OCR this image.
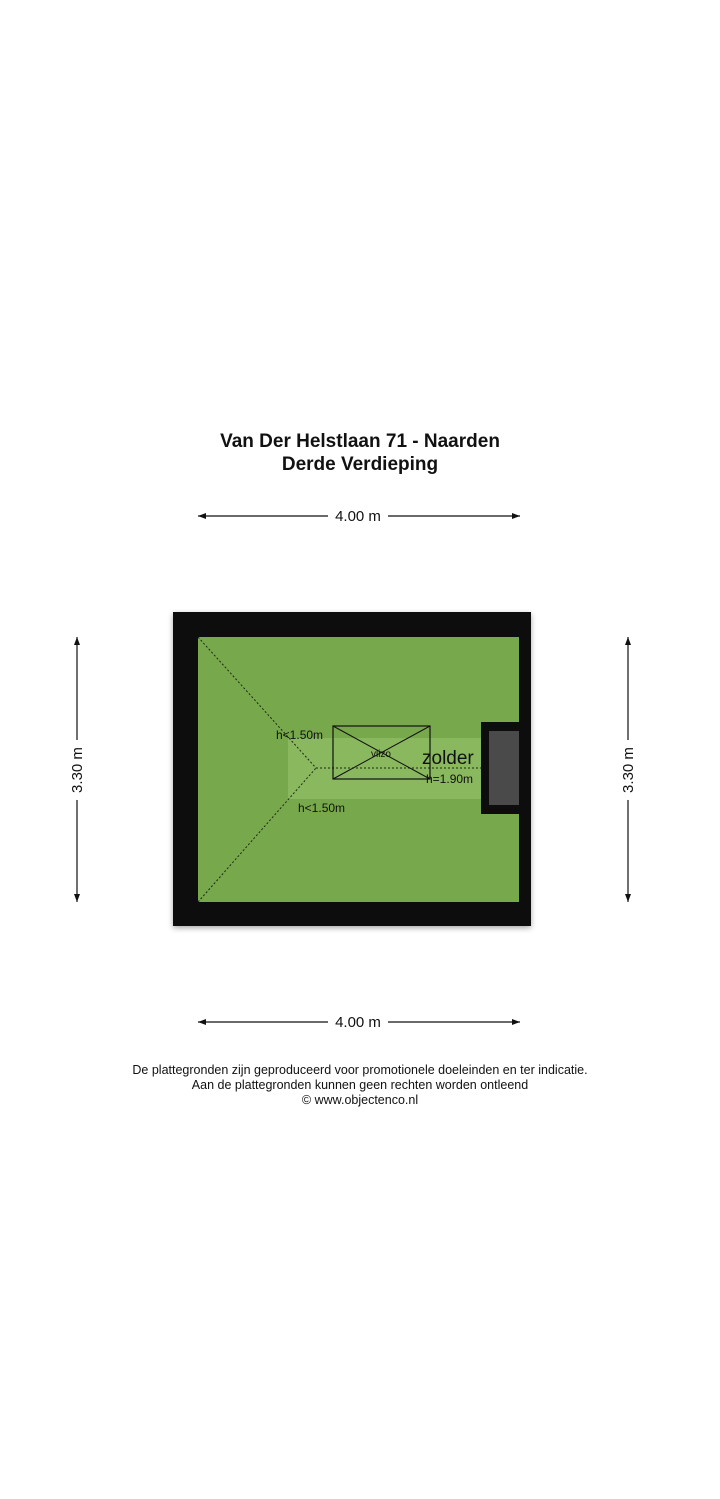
Van Der Helstlaan 71 - Naarden
Derde Verdieping
4.00 m
4.00 m
3.30 m	3.30 m
vlizo
h<1.50m
h<1.50m
zolder
h=1.90m
De plattegronden zijn geproduceerd voor promotionele doeleinden en ter indicatie.
Aan de plattegronden kunnen geen rechten worden ontleend
© www.objectenco.nl
